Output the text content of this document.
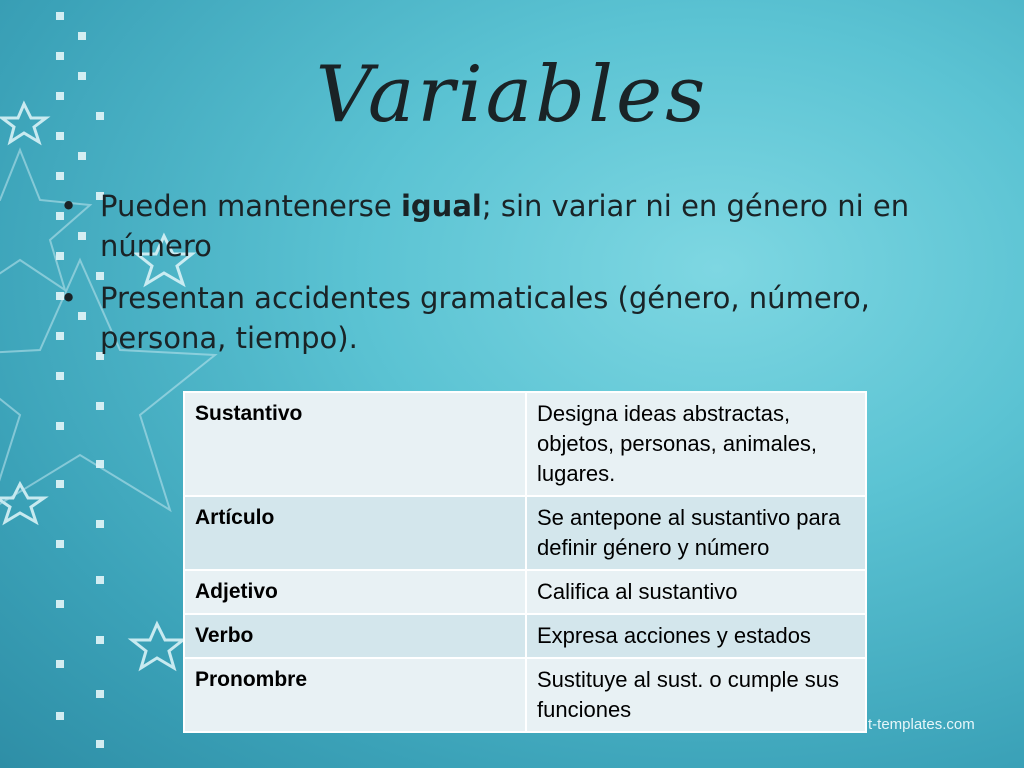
Variables
• Pueden mantenerse igual; sin variar ni en género ni en número
• Presentan accidentes gramaticales (género, número, persona, tiempo).
Sustantivo	Designa ideas abstractas, objetos, personas, animales, lugares.
Artículo	Se antepone al sustantivo para definir género y número
Adjetivo	Califica al sustantivo
Verbo	Expresa acciones y estados
Pronombre	Sustituye al sust. o cumple sus funciones
t-templates.com
